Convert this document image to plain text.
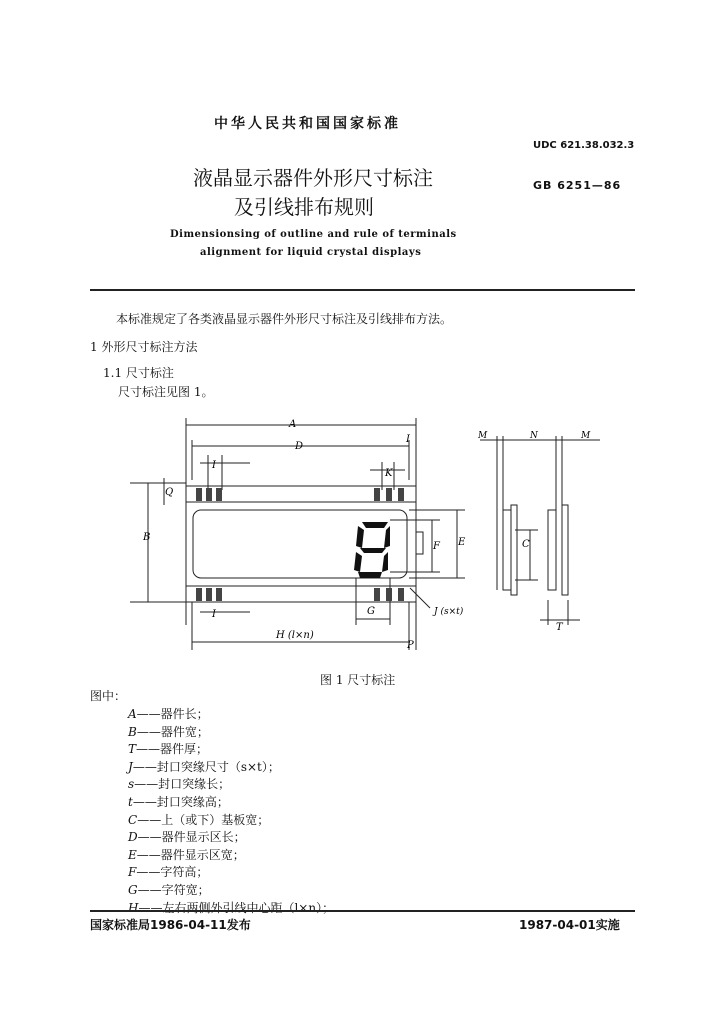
中华人民共和国国家标准
UDC 621.38.032.3
液晶显示器件外形尺寸标注	GB 6251—86
及引线排布规则
Dimensionsing of outline and rule of terminals
alignment for liquid crystal displays
本标准规定了各类液晶显示器件外形尺寸标注及引线排布方法。
1 外形尺寸标注方法
1.1 尺寸标注
尺寸标注见图 1。
A
D
I
I
K
Q
B
F E
G
I	J (s×t)
H (l×n)
P
M	N	M
C
T
图 1 尺寸标注
图中：
A——器件长；
B——器件宽；
T——器件厚；
J——封口突缘尺寸（s×t）；
s——封口突缘长；
t——封口突缘高；
C——上（或下）基板宽；
D——器件显示区长；
E——器件显示区宽；
F——字符高；
G——字符宽；
H——左右两侧外引线中心距（l×n）；
国家标准局1986-04-11发布	1987-04-01实施
